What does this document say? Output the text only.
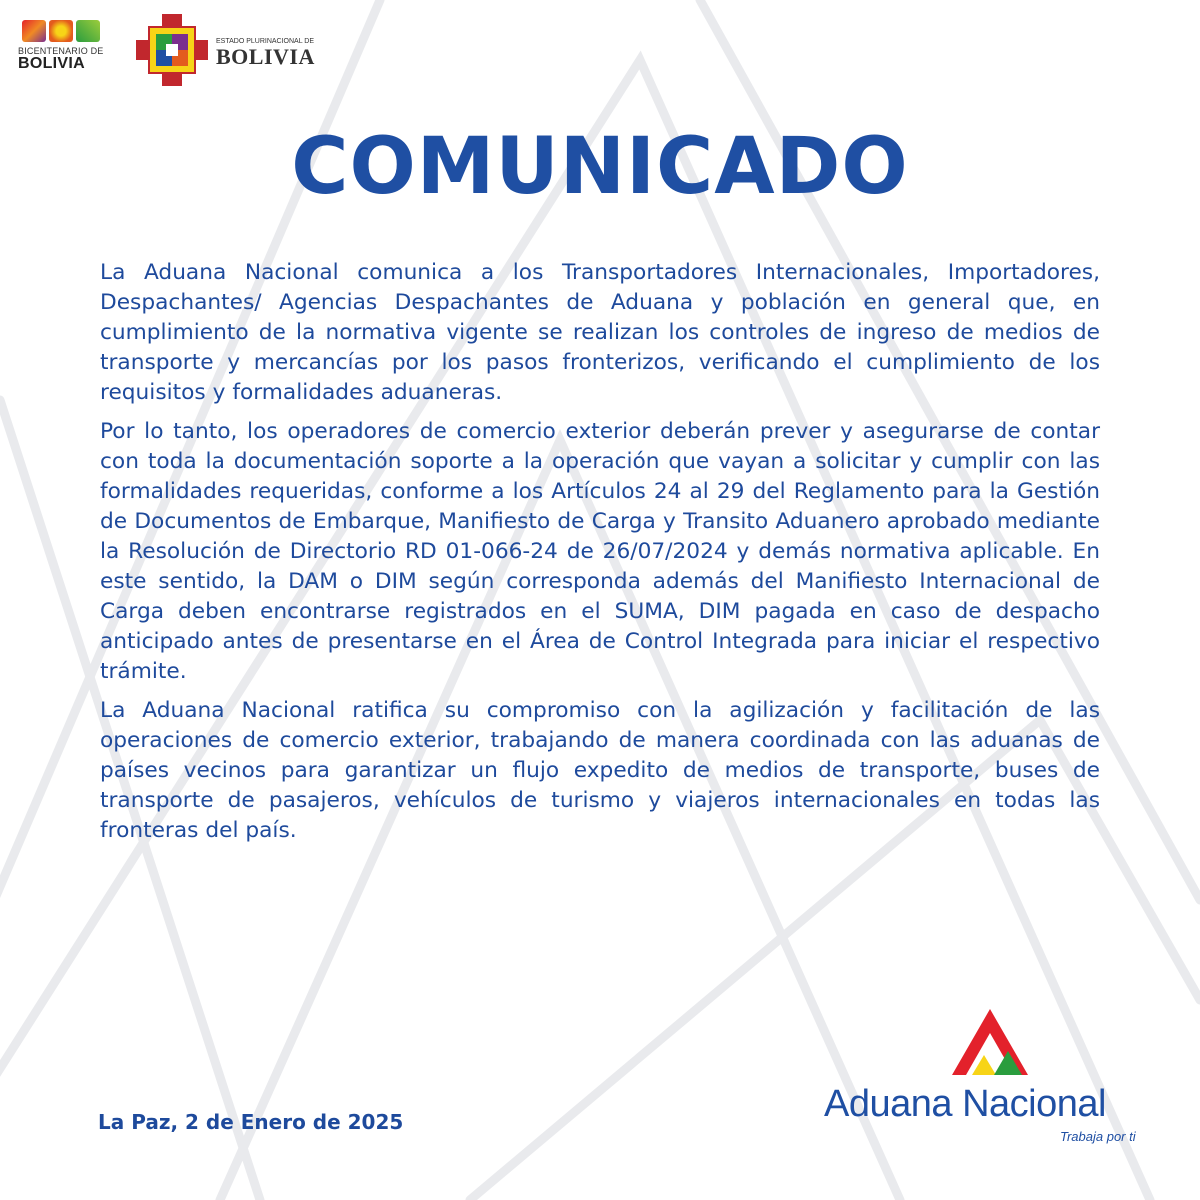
BICENTENARIO DE
BOLIVIA
ESTADO PLURINACIONAL DE
BOLIVIA
COMUNICADO

La Aduana Nacional comunica a los Transportadores Internacionales, Importadores, Despachantes/ Agencias Despachantes de Aduana y población en general que, en cumplimiento de la normativa vigente se realizan los controles de ingreso de medios de transporte y mercancías por los pasos fronterizos, verificando el cumplimiento de los requisitos y formalidades aduaneras.

Por lo tanto, los operadores de comercio exterior deberán prever y asegurarse de contar con toda la documentación soporte a la operación que vayan a solicitar y cumplir con las formalidades requeridas, conforme a los Artículos 24 al 29 del Reglamento para la Gestión de Documentos de Embarque, Manifiesto de Carga y Transito Aduanero aprobado mediante la Resolución de Directorio RD 01-066-24 de 26/07/2024 y demás normativa aplicable. En este sentido, la DAM o DIM según corresponda además del Manifiesto Internacional de Carga deben encontrarse registrados en el SUMA, DIM pagada en caso de despacho anticipado antes de presentarse en el Área de Control Integrada para iniciar el respectivo trámite.

La Aduana Nacional ratifica su compromiso con la agilización y facilitación de las operaciones de comercio exterior, trabajando de manera coordinada con las aduanas de países vecinos para garantizar un flujo expedito de medios de transporte, buses de transporte de pasajeros, vehículos de turismo y viajeros internacionales en todas las fronteras del país.

La Paz, 2 de Enero de 2025	Aduana Nacional
Trabaja por ti
